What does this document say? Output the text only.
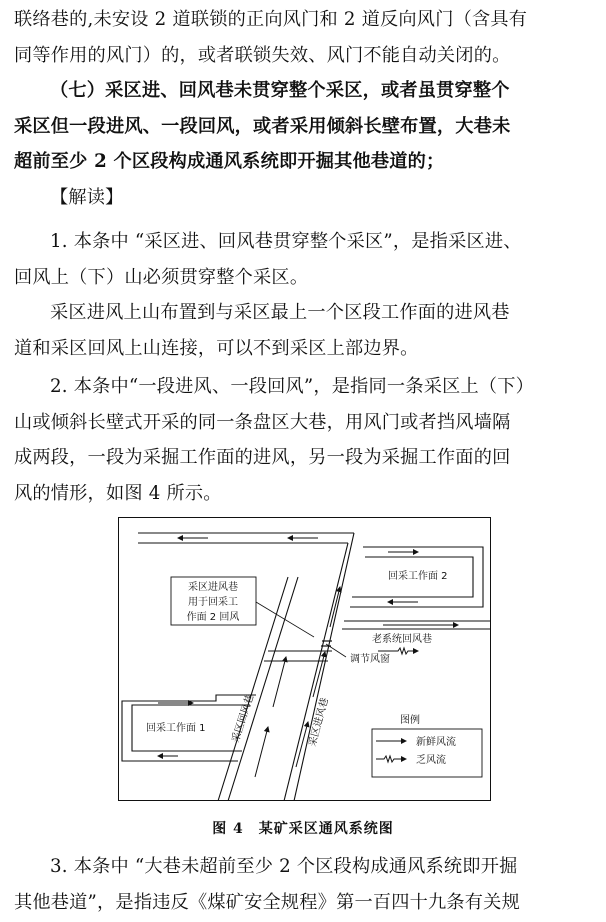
联络巷的,未安设 2 道联锁的正向风门和 2 道反向风门（含具有
同等作用的风门）的，或者联锁失效、风门不能自动关闭的。
（七）采区进、回风巷未贯穿整个采区，或者虽贯穿整个
采区但一段进风、一段回风，或者采用倾斜长壁布置，大巷未
超前至少 2 个区段构成通风系统即开掘其他巷道的；
【解读】
1. 本条中 “采区进、回风巷贯穿整个采区”，是指采区进、
回风上（下）山必须贯穿整个采区。
采区进风上山布置到与采区最上一个区段工作面的进风巷
道和采区回风上山连接，可以不到采区上部边界。
2. 本条中“一段进风、一段回风”，是指同一条采区上（下）
山或倾斜长壁式开采的同一条盘区大巷，用风门或者挡风墙隔
成两段，一段为采掘工作面的进风，另一段为采掘工作面的回
风的情形，如图 4 所示。
采区进风巷
用于回采工
作面 2 回风
回采工作面 2
回采工作面 1
老系统回风巷
调节风窗
采区回风巷	采区进风巷	图例
新鲜风流
乏风流
图 4　某矿采区通风系统图
3. 本条中 “大巷未超前至少 2 个区段构成通风系统即开掘
其他巷道”，是指违反《煤矿安全规程》第一百四十九条有关规
